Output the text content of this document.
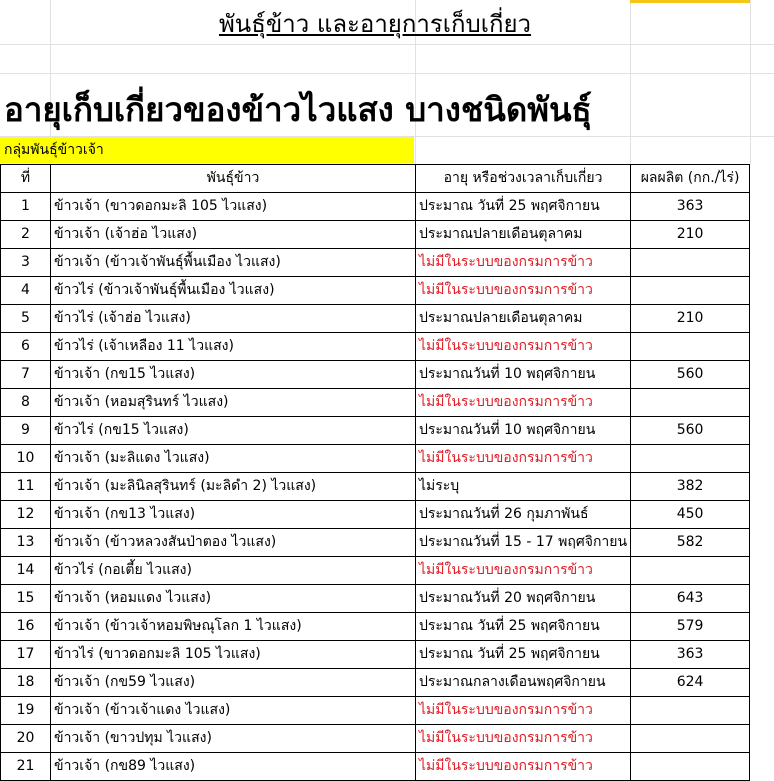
พันธุ์ข้าว และอายุการเก็บเกี่ยว
อายุเก็บเกี่ยวของข้าวไวแสง บางชนิดพันธุ์
กลุ่มพันธุ์ข้าวเจ้า
ที่	พันธุ์ข้าว	อายุ หรือช่วงเวลาเก็บเกี่ยว	ผลผลิต (กก./ไร่)
1	ข้าวเจ้า (ขาวดอกมะลิ 105 ไวแสง)	ประมาณ วันที่ 25 พฤศจิกายน	363
2	ข้าวเจ้า (เจ้าฮ่อ ไวแสง)	ประมาณปลายเดือนตุลาคม	210
3	ข้าวเจ้า (ข้าวเจ้าพันธุ์พื้นเมือง ไวแสง)	ไม่มีในระบบของกรมการข้าว	
4	ข้าวไร่ (ข้าวเจ้าพันธุ์พื้นเมือง ไวแสง)	ไม่มีในระบบของกรมการข้าว	
5	ข้าวไร่ (เจ้าฮ่อ ไวแสง)	ประมาณปลายเดือนตุลาคม	210
6	ข้าวไร่ (เจ้าเหลือง 11 ไวแสง)	ไม่มีในระบบของกรมการข้าว	
7	ข้าวเจ้า (กข15 ไวแสง)	ประมาณวันที่ 10 พฤศจิกายน	560
8	ข้าวเจ้า (หอมสุรินทร์ ไวแสง)	ไม่มีในระบบของกรมการข้าว	
9	ข้าวไร่ (กข15 ไวแสง)	ประมาณวันที่ 10 พฤศจิกายน	560
10	ข้าวเจ้า (มะลิแดง ไวแสง)	ไม่มีในระบบของกรมการข้าว	
11	ข้าวเจ้า (มะลินิลสุรินทร์ (มะลิดำ 2) ไวแสง)	ไม่ระบุ	382
12	ข้าวเจ้า (กข13 ไวแสง)	ประมาณวันที่ 26 กุมภาพันธ์	450
13	ข้าวเจ้า (ข้าวหลวงสันป่าตอง ไวแสง)	ประมาณวันที่ 15 - 17 พฤศจิกายน	582
14	ข้าวไร่ (กอเตี้ย ไวแสง)	ไม่มีในระบบของกรมการข้าว	
15	ข้าวเจ้า (หอมแดง ไวแสง)	ประมาณวันที่ 20 พฤศจิกายน	643
16	ข้าวเจ้า (ข้าวเจ้าหอมพิษณุโลก 1 ไวแสง)	ประมาณ วันที่ 25 พฤศจิกายน	579
17	ข้าวไร่ (ขาวดอกมะลิ 105 ไวแสง)	ประมาณ วันที่ 25 พฤศจิกายน	363
18	ข้าวเจ้า (กข59 ไวแสง)	ประมาณกลางเดือนพฤศจิกายน	624
19	ข้าวเจ้า (ข้าวเจ้าแดง ไวแสง)	ไม่มีในระบบของกรมการข้าว	
20	ข้าวเจ้า (ขาวปทุม ไวแสง)	ไม่มีในระบบของกรมการข้าว	
21	ข้าวเจ้า (กข89 ไวแสง)	ไม่มีในระบบของกรมการข้าว	
